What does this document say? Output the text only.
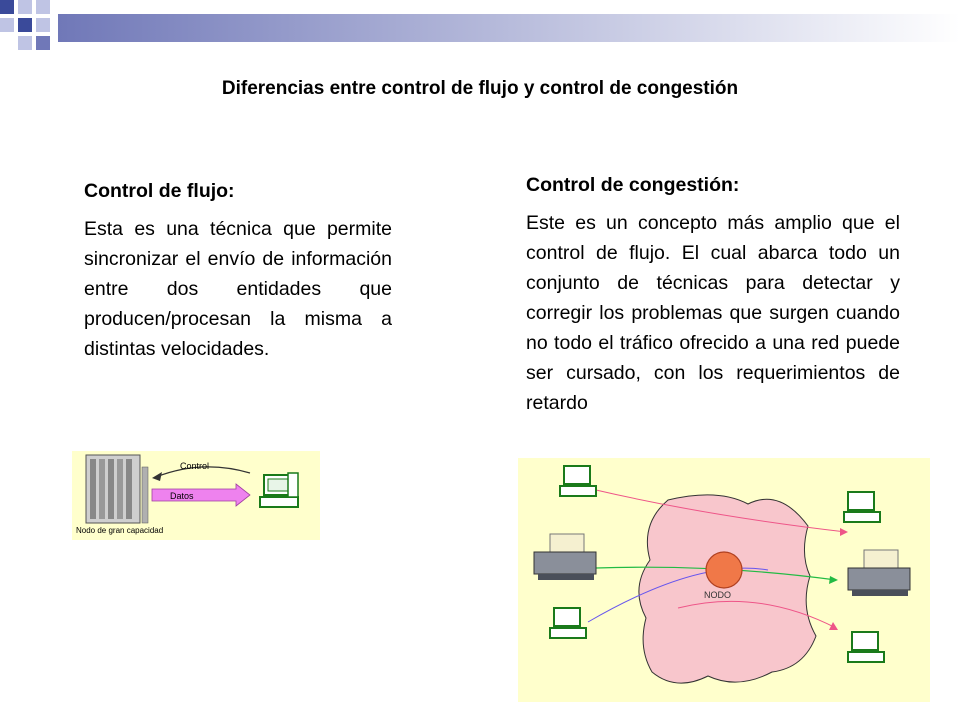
Diferencias entre control de flujo y control de congestión
Control de flujo:

Esta es una técnica que permite sincronizar el envío de información entre dos entidades que producen/procesan la misma a distintas velocidades.

Control de congestión:

Este es un concepto más amplio que el control de flujo. El cual abarca todo un conjunto de técnicas para detectar y corregir los problemas que surgen cuando no todo el tráfico ofrecido a una red puede ser cursado, con los requerimientos de retardo

Control
Datos
Nodo de gran capacidad
NODO
